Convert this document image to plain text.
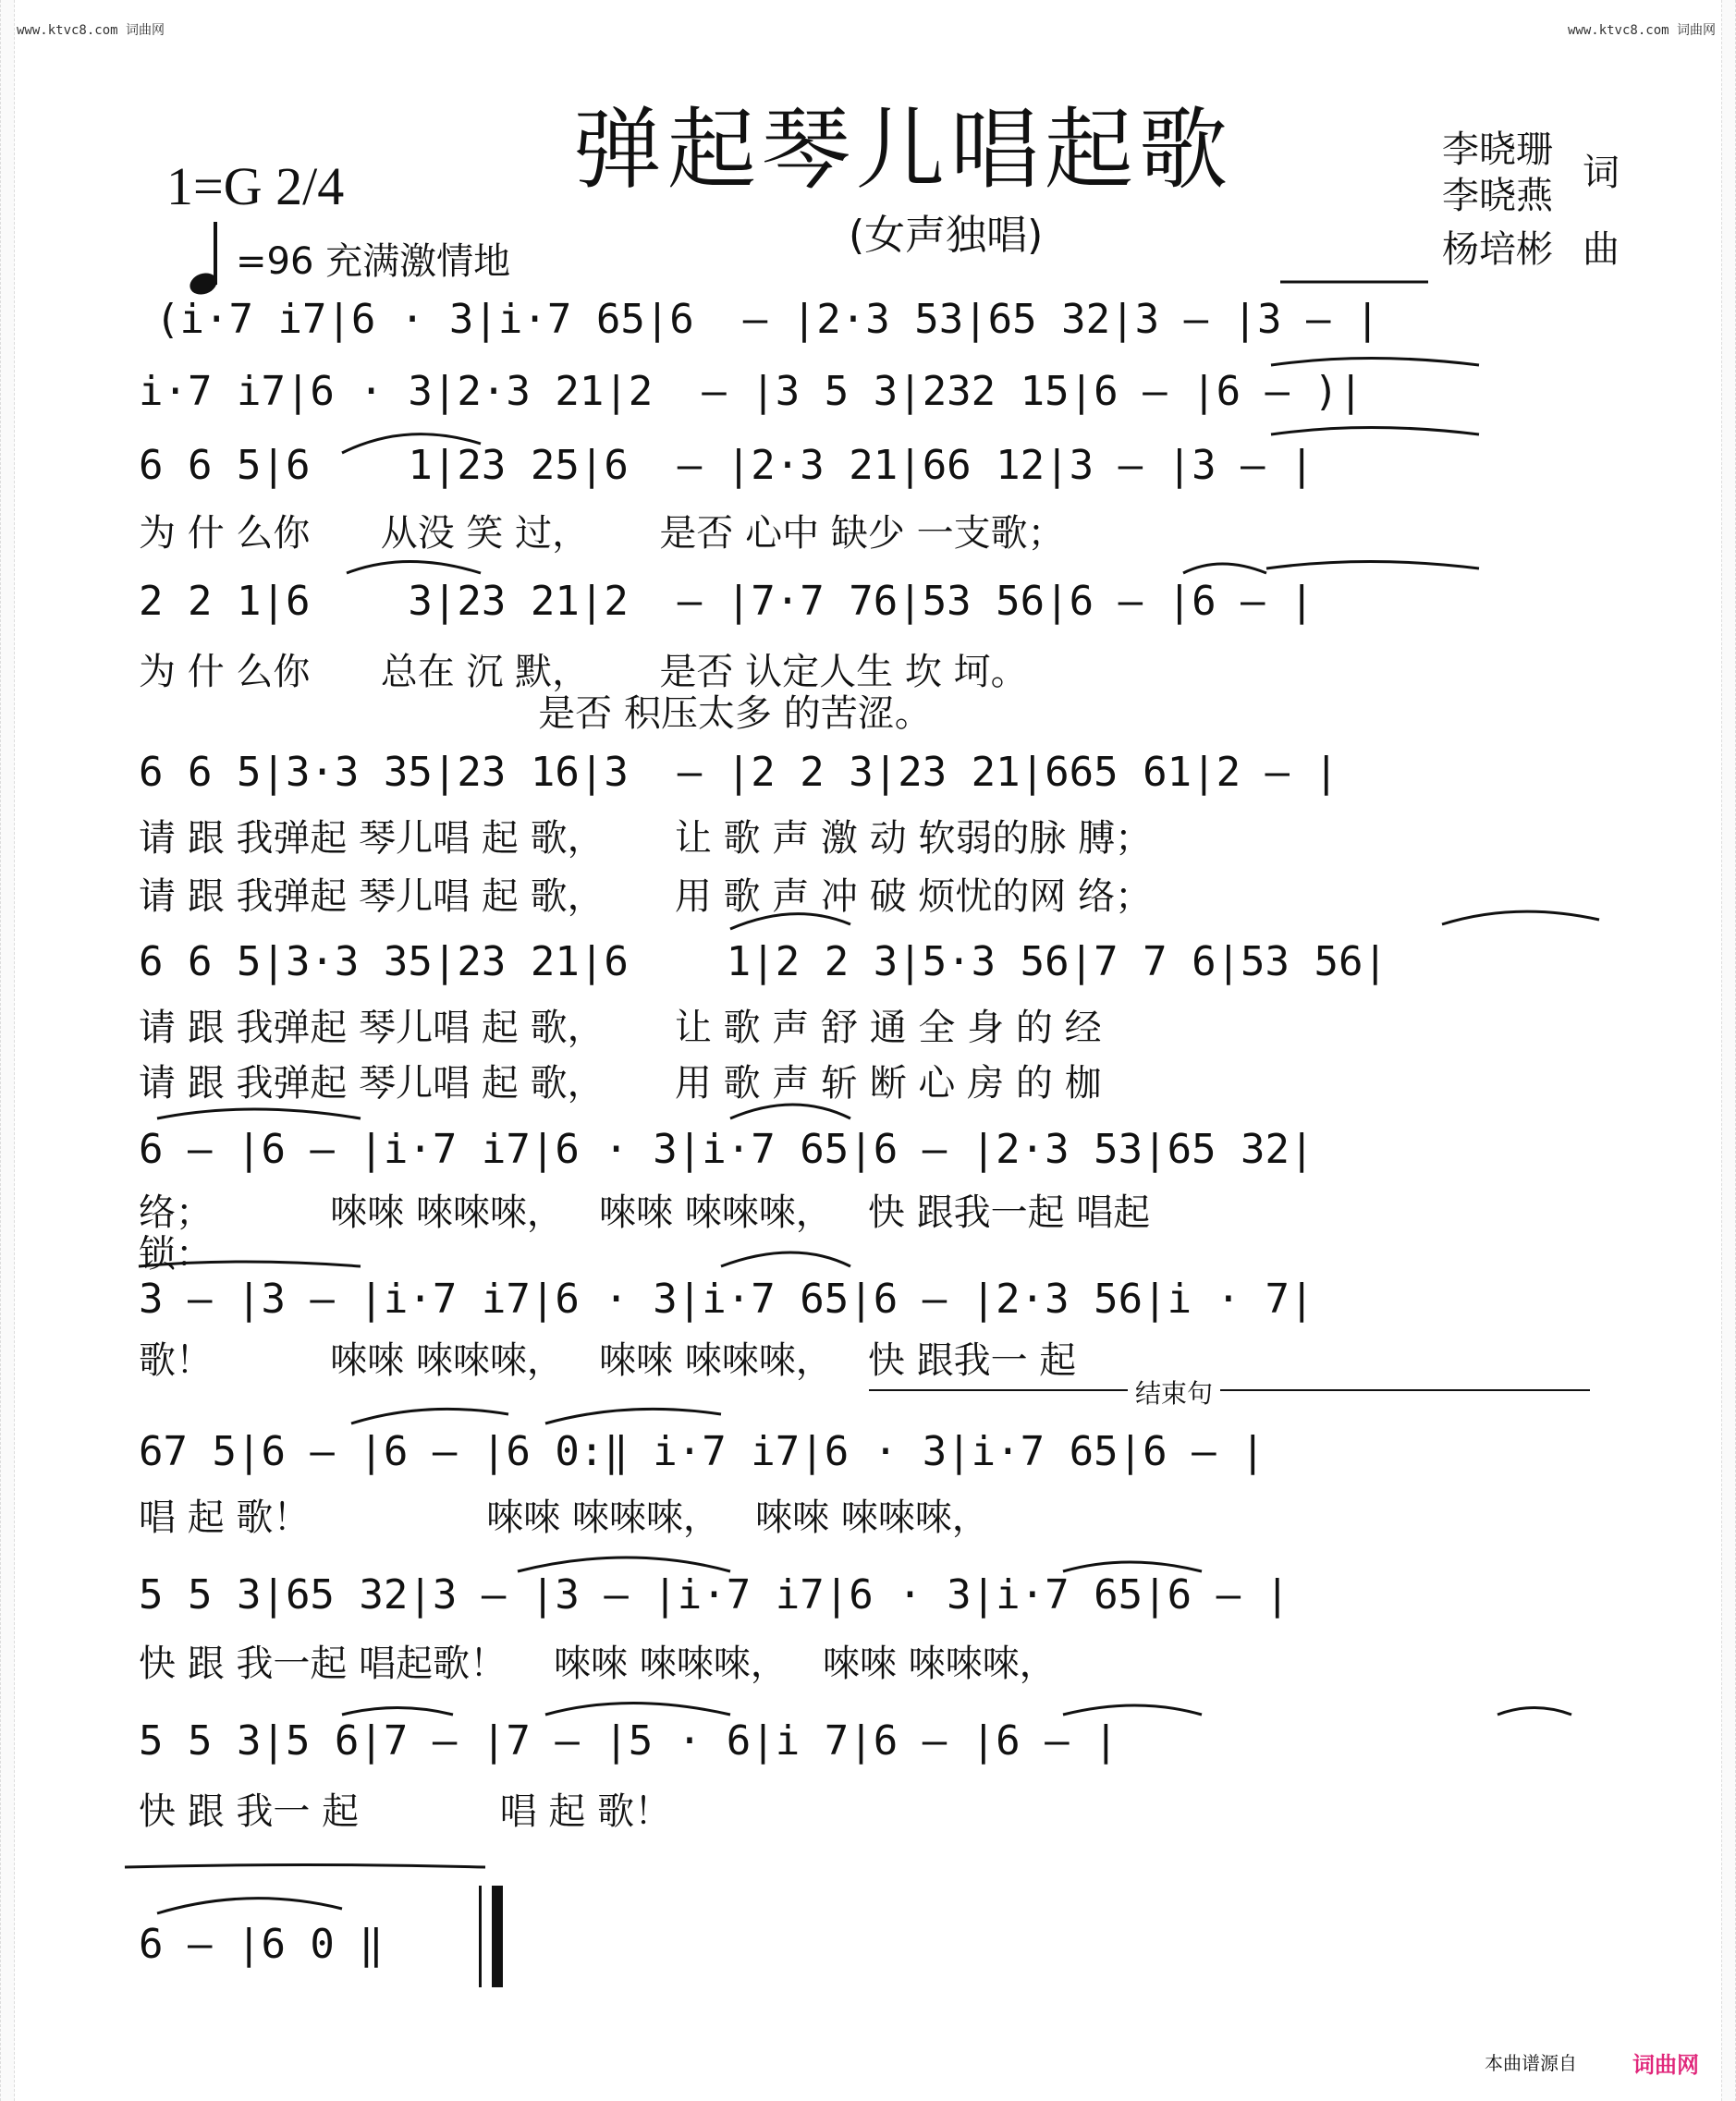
www.ktvc8.com 词曲网	www.ktvc8.com 词曲网
弹起琴儿唱起歌
(女声独唱)
1=G 2/4
=96 充满激情地
李晓珊
李晓燕
词
杨培彬 曲
(i·7 i7|6 · 3|i·7 65|6  — |2·3 53|65 32|3 — |3 — |
i·7 i7|6 · 3|2·3 21|2  — |3 5 3|232 15|6 — |6 — )|
6 6 5|6    1|23 25|6  — |2·3 21|66 12|3 — |3 — |
为 什 么你      从没 笑 过，      是否 心中 缺少 一支歌；
2 2 1|6    3|23 21|2  — |7·7 76|53 56|6 — |6 — |
为 什 么你      总在 沉 默，      是否 认定人生 坎 坷。
是否 积压太多 的苦涩。
6 6 5|3·3 35|23 16|3  — |2 2 3|23 21|665 61|2 — |
请 跟 我弹起 琴儿唱 起 歌，      让 歌 声 激 动 软弱的脉 膊；
请 跟 我弹起 琴儿唱 起 歌，      用 歌 声 冲 破 烦忧的网 络；
6 6 5|3·3 35|23 21|6    1|2 2 3|5·3 56|7 7 6|53 56|
请 跟 我弹起 琴儿唱 起 歌，      让 歌 声 舒 通 全 身 的 经
请 跟 我弹起 琴儿唱 起 歌，      用 歌 声 斩 断 心 房 的 枷
6 — |6 — |i·7 i7|6 · 3|i·7 65|6 — |2·3 53|65 32|
络；          唻唻 唻唻唻，   唻唻 唻唻唻，   快 跟我一起 唱起
锁：
3 — |3 — |i·7 i7|6 · 3|i·7 65|6 — |2·3 56|i · 7|
歌！          唻唻 唻唻唻，   唻唻 唻唻唻，   快 跟我一 起
结束句
67 5|6 — |6 — |6 0:‖ i·7 i7|6 · 3|i·7 65|6 — |
唱 起 歌！               唻唻 唻唻唻，   唻唻 唻唻唻，
5 5 3|65 32|3 — |3 — |i·7 i7|6 · 3|i·7 65|6 — |
快 跟 我一起 唱起歌！    唻唻 唻唻唻，   唻唻 唻唻唻，
5 5 3|5 6|7 — |7 — |5 · 6|i 7|6 — |6 — |
快 跟 我一 起            唱 起 歌！
6 — |6 0 ‖
本曲谱源自	词曲网
